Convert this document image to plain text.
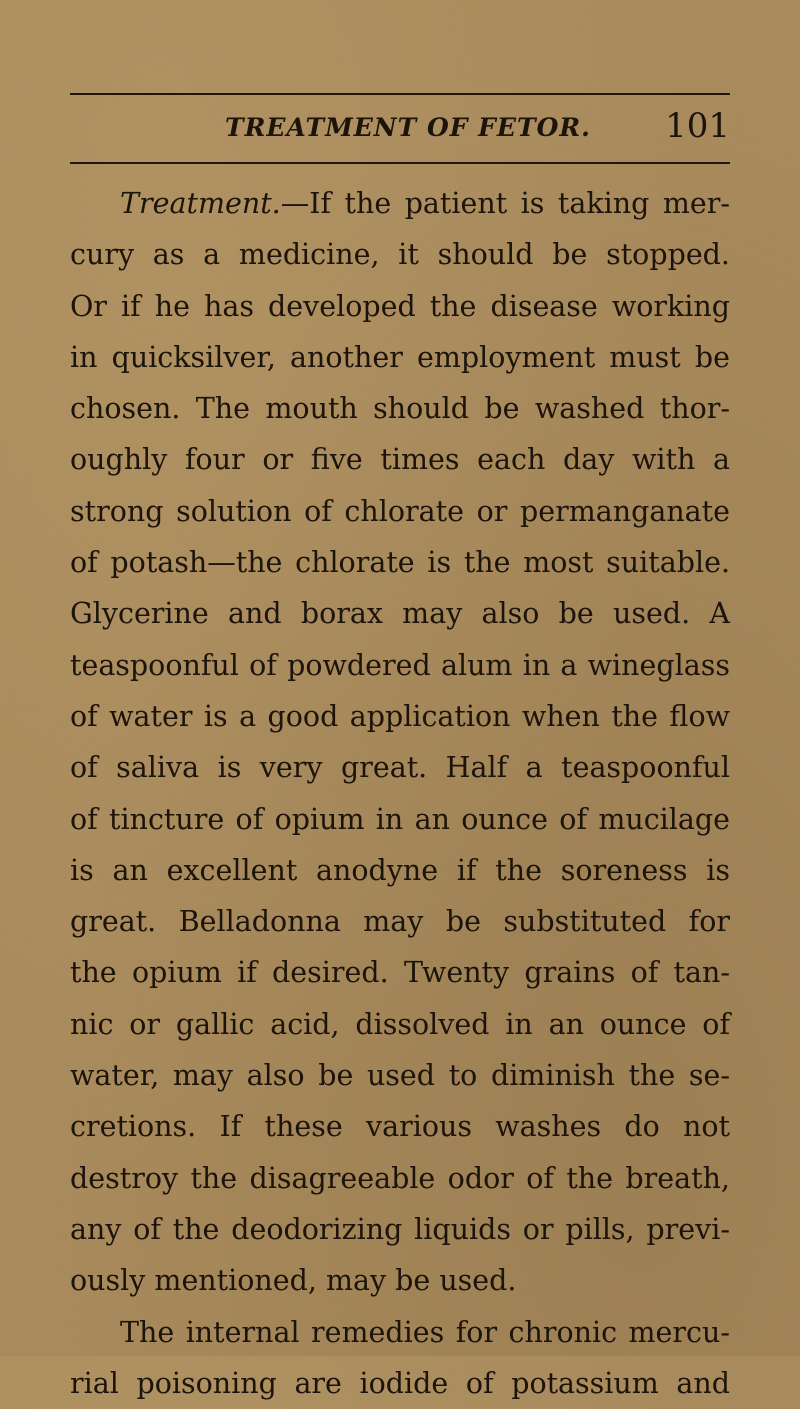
TREATMENT OF FETOR. 101
Treatment.—If the patient is taking mer-
cury as a medicine, it should be stopped.
Or if he has developed the disease working
in quicksilver, another employment must be
chosen. The mouth should be washed thor-
oughly four or five times each day with a
strong solution of chlorate or permanganate
of potash—the chlorate is the most suitable.
Glycerine and borax may also be used. A
teaspoonful of powdered alum in a wineglass
of water is a good application when the flow
of saliva is very great. Half a teaspoonful
of tincture of opium in an ounce of mucilage
is an excellent anodyne if the soreness is
great. Belladonna may be substituted for
the opium if desired. Twenty grains of tan-
nic or gallic acid, dissolved in an ounce of
water, may also be used to diminish the se-
cretions. If these various washes do not
destroy the disagreeable odor of the breath,
any of the deodorizing liquids or pills, previ-
ously mentioned, may be used.
The internal remedies for chronic mercu-
rial poisoning are iodide of potassium and
